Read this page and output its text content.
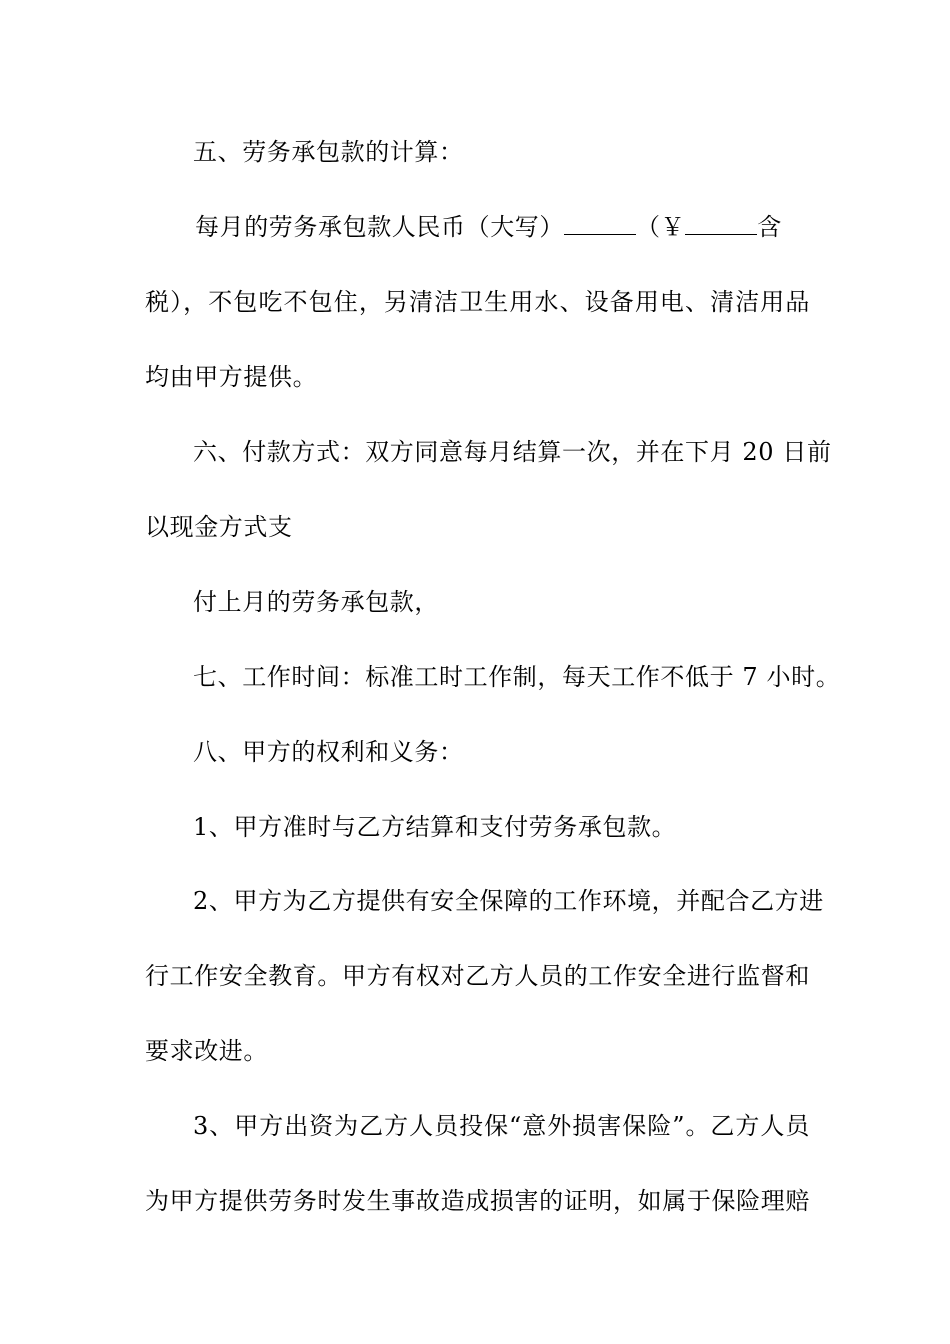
五、劳务承包款的计算：
每月的劳务承包款人民币（大写）	（￥	含
税），不包吃不包住，另清洁卫生用水、设备用电、清洁用品
均由甲方提供。
六、付款方式：双方同意每月结算一次，并在下月 20 日前
以现金方式支
付上月的劳务承包款，
七、工作时间：标准工时工作制，每天工作不低于 7 小时。
八、甲方的权利和义务：
1、甲方准时与乙方结算和支付劳务承包款。
2、甲方为乙方提供有安全保障的工作环境，并配合乙方进
行工作安全教育。甲方有权对乙方人员的工作安全进行监督和
要求改进。
3、甲方出资为乙方人员投保“意外损害保险”。乙方人员
为甲方提供劳务时发生事故造成损害的证明，如属于保险理赔
